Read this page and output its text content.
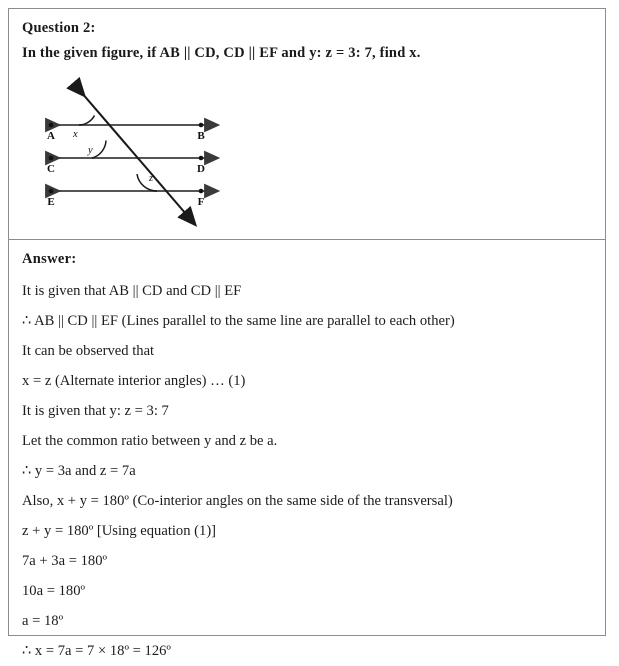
Question 2:
In the given figure, if AB || CD, CD || EF and y: z = 3: 7, find x.
A	B
C	D
E	F
x
y
z
Answer:
It is given that AB || CD and CD || EF
∴ AB || CD || EF (Lines parallel to the same line are parallel to each other)
It can be observed that
x = z (Alternate interior angles) … (1)
It is given that y: z = 3: 7
Let the common ratio between y and z be a.
∴ y = 3a and z = 7a
Also, x + y = 180º (Co-interior angles on the same side of the transversal)
z + y = 180º [Using equation (1)]
7a + 3a = 180º
10a = 180º
a = 18º
∴ x = 7a = 7 × 18º = 126º
